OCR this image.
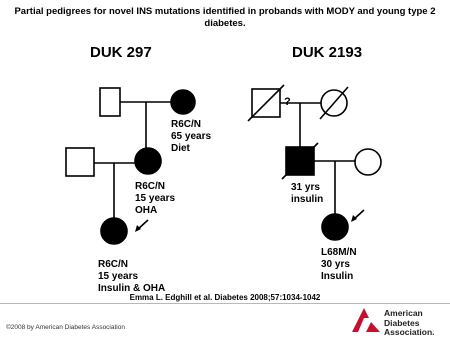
Partial pedigrees for novel INS mutations identified in probands with MODY and young type 2 diabetes.
DUK 297	DUK 2193
?
R6C/N
65 years
Diet
R6C/N
15 years
OHA
R6C/N
15 years
Insulin & OHA
31 yrs
insulin
L68M/N
30 yrs
Insulin
Emma L. Edghill et al. Diabetes 2008;57:1034-1042
©2008 by American Diabetes Association
American
Diabetes
Association.
